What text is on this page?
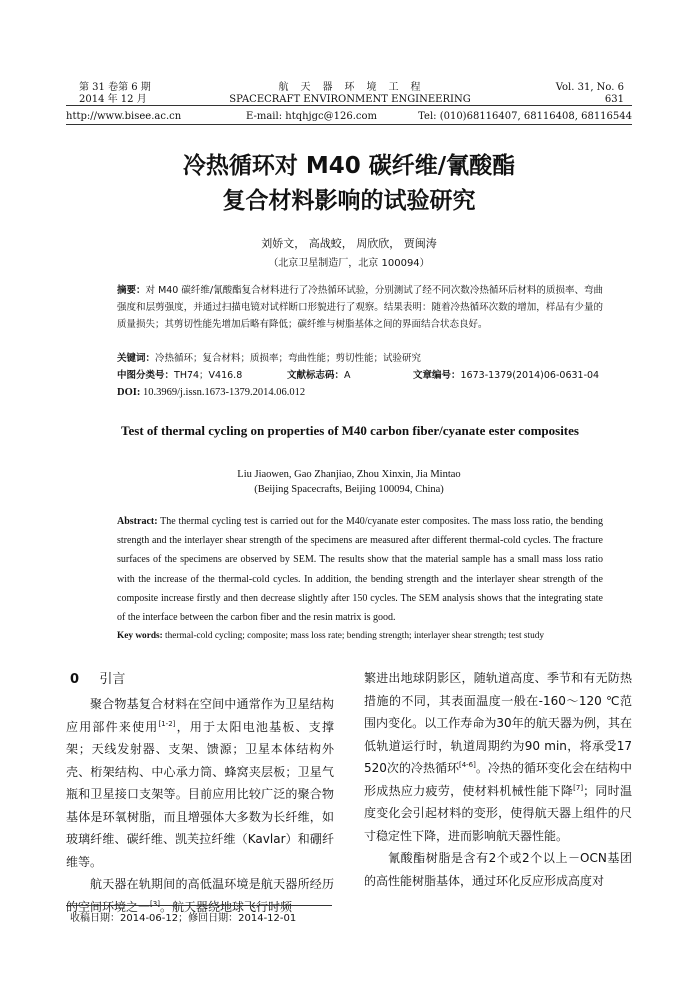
第 31 卷第 6 期
2014 年 12 月
航　天　器　环　境　工　程
SPACECRAFT ENVIRONMENT ENGINEERING
Vol. 31, No. 6
631
http://www.bisee.ac.cn	E-mail: htqhjgc@126.com	Tel: (010)68116407, 68116408, 68116544
冷热循环对 M40 碳纤维/氰酸酯
复合材料影响的试验研究
刘娇文， 高战蛟， 周欣欣， 贾闽涛
（北京卫星制造厂，北京 100094）
摘要：对 M40 碳纤维/氰酸酯复合材料进行了冷热循环试验，分别测试了经不同次数冷热循环后材料的质损率、弯曲强度和层剪强度，并通过扫描电镜对试样断口形貌进行了观察。结果表明：随着冷热循环次数的增加，样品有少量的质量损失；其剪切性能先增加后略有降低；碳纤维与树脂基体之间的界面结合状态良好。
关键词：冷热循环；复合材料；质损率；弯曲性能；剪切性能；试验研究
中图分类号：TH74；V416.8	文献标志码：A	文章编号：1673-1379(2014)06-0631-04
DOI: 10.3969/j.issn.1673-1379.2014.06.012
Test of thermal cycling on properties of M40 carbon fiber/cyanate ester composites
Liu Jiaowen, Gao Zhanjiao, Zhou Xinxin, Jia Mintao
(Beijing Spacecrafts, Beijing 100094, China)
Abstract: The thermal cycling test is carried out for the M40/cyanate ester composites. The mass loss ratio, the bending strength and the interlayer shear strength of the specimens are measured after different thermal-cold cycles. The fracture surfaces of the specimens are observed by SEM. The results show that the material sample has a small mass loss ratio with the increase of the thermal-cold cycles. In addition, the bending strength and the interlayer shear strength of the composite increase firstly and then decrease slightly after 150 cycles. The SEM analysis shows that the integrating state of the interface between the carbon fiber and the resin matrix is good.
Key words: thermal-cold cycling; composite; mass loss rate; bending strength; interlayer shear strength; test study
0 引言

聚合物基复合材料在空间中通常作为卫星结构应用部件来使用[1-2]，用于太阳电池基板、支撑架；天线发射器、支架、馈源；卫星本体结构外壳、桁架结构、中心承力筒、蜂窝夹层板；卫星气瓶和卫星接口支架等。目前应用比较广泛的聚合物基体是环氧树脂，而且增强体大多数为长纤维，如玻璃纤维、碳纤维、凯芙拉纤维（Kavlar）和硼纤维等。

航天器在轨期间的高低温环境是航天器所经历的空间环境之一[3]。航天器绕地球飞行时频

繁进出地球阴影区，随轨道高度、季节和有无防热措施的不同，其表面温度一般在-160～120 ℃范围内变化。以工作寿命为30年的航天器为例，其在低轨道运行时，轨道周期约为90 min，将承受17 520次的冷热循环[4-6]。冷热的循环变化会在结构中形成热应力疲劳，使材料机械性能下降[7]；同时温度变化会引起材料的变形，使得航天器上组件的尺寸稳定性下降，进而影响航天器性能。

氰酸酯树脂是含有2个或2个以上－OCN基团的高性能树脂基体，通过环化反应形成高度对

收稿日期：2014-06-12；修回日期：2014-12-01
